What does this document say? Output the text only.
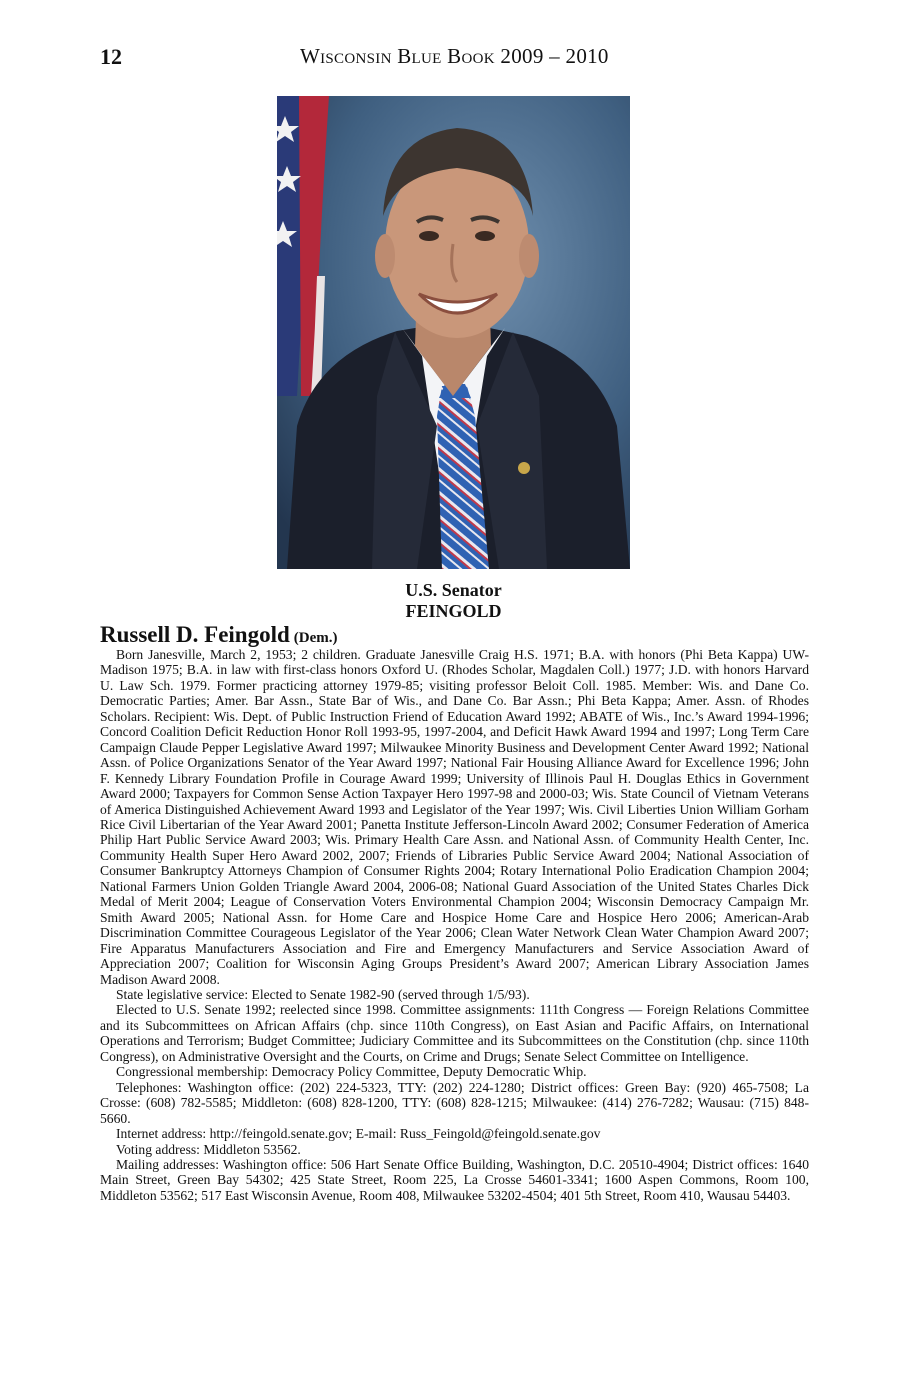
12	Wisconsin Blue Book 2009 – 2010
U.S. Senator
FEINGOLD
Russell D. Feingold (Dem.)

Born Janesville, March 2, 1953; 2 children. Graduate Janesville Craig H.S. 1971; B.A. with honors (Phi Beta Kappa) UW-Madison 1975; B.A. in law with first-class honors Oxford U. (Rhodes Scholar, Magdalen Coll.) 1977; J.D. with honors Harvard U. Law Sch. 1979. Former practicing attorney 1979-85; visiting professor Beloit Coll. 1985. Member: Wis. and Dane Co. Democratic Parties; Amer. Bar Assn., State Bar of Wis., and Dane Co. Bar Assn.; Phi Beta Kappa; Amer. Assn. of Rhodes Scholars. Recipient: Wis. Dept. of Public Instruction Friend of Education Award 1992; ABATE of Wis., Inc.’s Award 1994-1996; Concord Coalition Deficit Reduction Honor Roll 1993-95, 1997-2004, and Deficit Hawk Award 1994 and 1997; Long Term Care Campaign Claude Pepper Legislative Award 1997; Milwaukee Minority Business and Development Center Award 1992; National Assn. of Police Organizations Senator of the Year Award 1997; National Fair Housing Alliance Award for Excellence 1996; John F. Kennedy Library Foundation Profile in Courage Award 1999; University of Illinois Paul H. Douglas Ethics in Government Award 2000; Taxpayers for Common Sense Action Taxpayer Hero 1997-98 and 2000-03; Wis. State Council of Vietnam Veterans of America Distinguished Achievement Award 1993 and Legislator of the Year 1997; Wis. Civil Liberties Union William Gorham Rice Civil Libertarian of the Year Award 2001; Panetta Institute Jefferson-Lincoln Award 2002; Consumer Federation of America Philip Hart Public Service Award 2003; Wis. Primary Health Care Assn. and National Assn. of Community Health Center, Inc. Community Health Super Hero Award 2002, 2007; Friends of Libraries Public Service Award 2004; National Association of Consumer Bankruptcy Attorneys Champion of Consumer Rights 2004; Rotary International Polio Eradication Champion 2004; National Farmers Union Golden Triangle Award 2004, 2006-08; National Guard Association of the United States Charles Dick Medal of Merit 2004; League of Conservation Voters Environmental Champion 2004; Wisconsin Democracy Campaign Mr. Smith Award 2005; National Assn. for Home Care and Hospice Home Care and Hospice Hero 2006; American-Arab Discrimination Committee Courageous Legislator of the Year 2006; Clean Water Network Clean Water Champion Award 2007; Fire Apparatus Manufacturers Association and Fire and Emergency Manufacturers and Service Association Award of Appreciation 2007; Coalition for Wisconsin Aging Groups President’s Award 2007; American Library Association James Madison Award 2008.

State legislative service: Elected to Senate 1982-90 (served through 1/5/93).

Elected to U.S. Senate 1992; reelected since 1998. Committee assignments: 111th Congress — Foreign Relations Committee and its Subcommittees on African Affairs (chp. since 110th Congress), on East Asian and Pacific Affairs, on International Operations and Terrorism; Budget Committee; Judiciary Committee and its Subcommittees on the Constitution (chp. since 110th Congress), on Administrative Oversight and the Courts, on Crime and Drugs; Senate Select Committee on Intelligence.

Congressional membership: Democracy Policy Committee, Deputy Democratic Whip.

Telephones: Washington office: (202) 224-5323, TTY: (202) 224-1280; District offices: Green Bay: (920) 465-7508; La Crosse: (608) 782-5585; Middleton: (608) 828-1200, TTY: (608) 828-1215; Milwaukee: (414) 276-7282; Wausau: (715) 848-5660.

Internet address: http://feingold.senate.gov; E-mail: Russ_Feingold@feingold.senate.gov

Voting address: Middleton 53562.

Mailing addresses: Washington office: 506 Hart Senate Office Building, Washington, D.C. 20510-4904; District offices: 1640 Main Street, Green Bay 54302; 425 State Street, Room 225, La Crosse 54601-3341; 1600 Aspen Commons, Room 100, Middleton 53562; 517 East Wisconsin Avenue, Room 408, Milwaukee 53202-4504; 401 5th Street, Room 410, Wausau 54403.
